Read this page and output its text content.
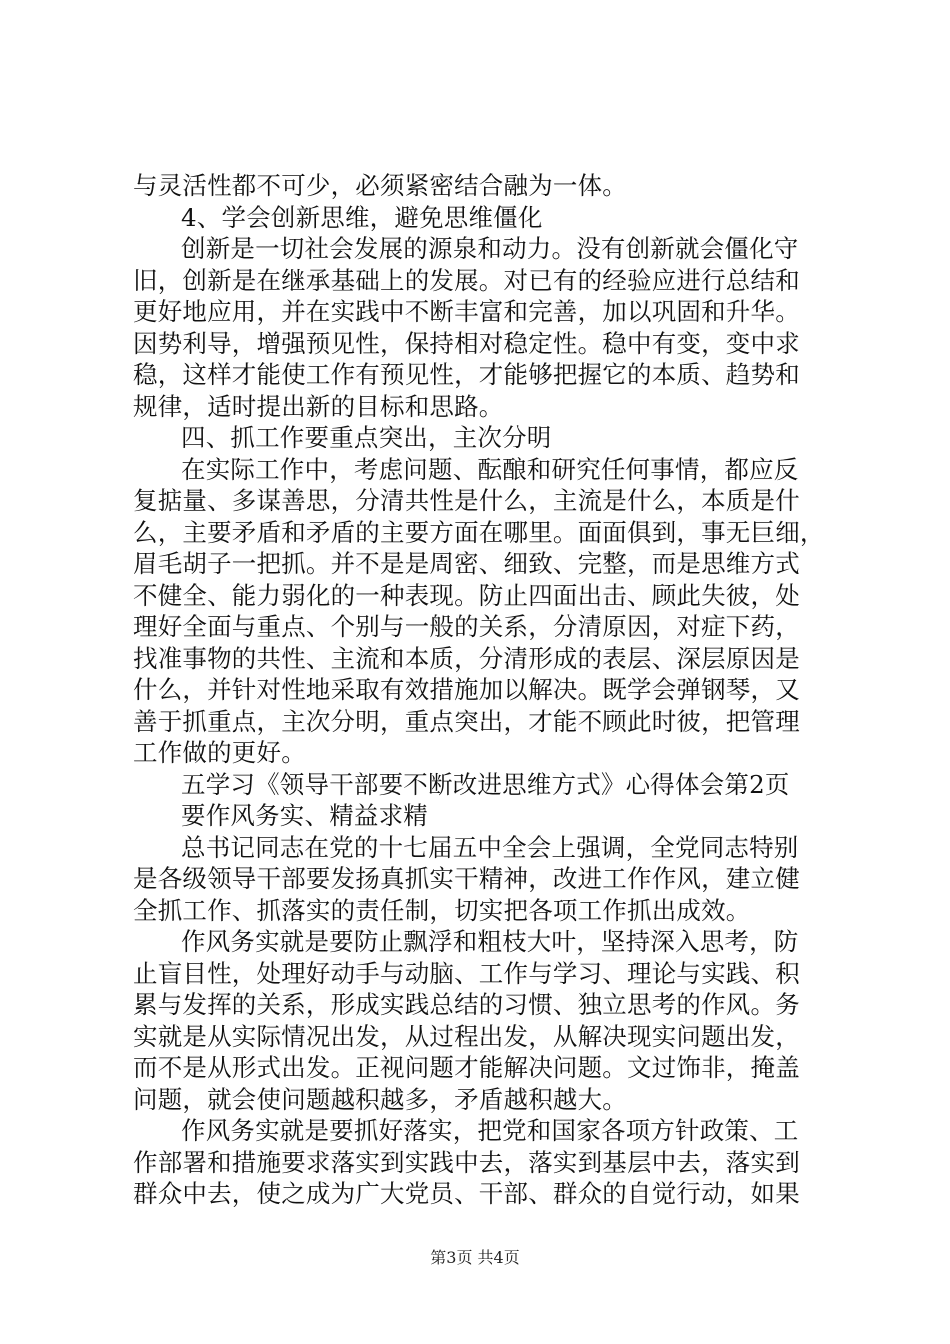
与灵活性都不可少，必须紧密结合融为一体。
4、学会创新思维，避免思维僵化
创新是一切社会发展的源泉和动力。没有创新就会僵化守
旧，创新是在继承基础上的发展。对已有的经验应进行总结和
更好地应用，并在实践中不断丰富和完善，加以巩固和升华。
因势利导，增强预见性，保持相对稳定性。稳中有变，变中求
稳，这样才能使工作有预见性，才能够把握它的本质、趋势和
规律，适时提出新的目标和思路。
四、抓工作要重点突出，主次分明
在实际工作中，考虑问题、酝酿和研究任何事情，都应反
复掂量、多谋善思，分清共性是什么，主流是什么，本质是什
么，主要矛盾和矛盾的主要方面在哪里。面面俱到，事无巨细，
眉毛胡子一把抓。并不是是周密、细致、完整，而是思维方式
不健全、能力弱化的一种表现。防止四面出击、顾此失彼，处
理好全面与重点、个别与一般的关系，分清原因，对症下药，
找准事物的共性、主流和本质，分清形成的表层、深层原因是
什么，并针对性地采取有效措施加以解决。既学会弹钢琴，又
善于抓重点，主次分明，重点突出，才能不顾此时彼，把管理
工作做的更好。
五学习《领导干部要不断改进思维方式》心得体会第2页
要作风务实、精益求精
总书记同志在党的十七届五中全会上强调，全党同志特别
是各级领导干部要发扬真抓实干精神，改进工作作风，建立健
全抓工作、抓落实的责任制，切实把各项工作抓出成效。
作风务实就是要防止飘浮和粗枝大叶，坚持深入思考，防
止盲目性，处理好动手与动脑、工作与学习、理论与实践、积
累与发挥的关系，形成实践总结的习惯、独立思考的作风。务
实就是从实际情况出发，从过程出发，从解决现实问题出发，
而不是从形式出发。正视问题才能解决问题。文过饰非，掩盖
问题，就会使问题越积越多，矛盾越积越大。
作风务实就是要抓好落实，把党和国家各项方针政策、工
作部署和措施要求落实到实践中去，落实到基层中去，落实到
群众中去，使之成为广大党员、干部、群众的自觉行动，如果
第3页 共4页
